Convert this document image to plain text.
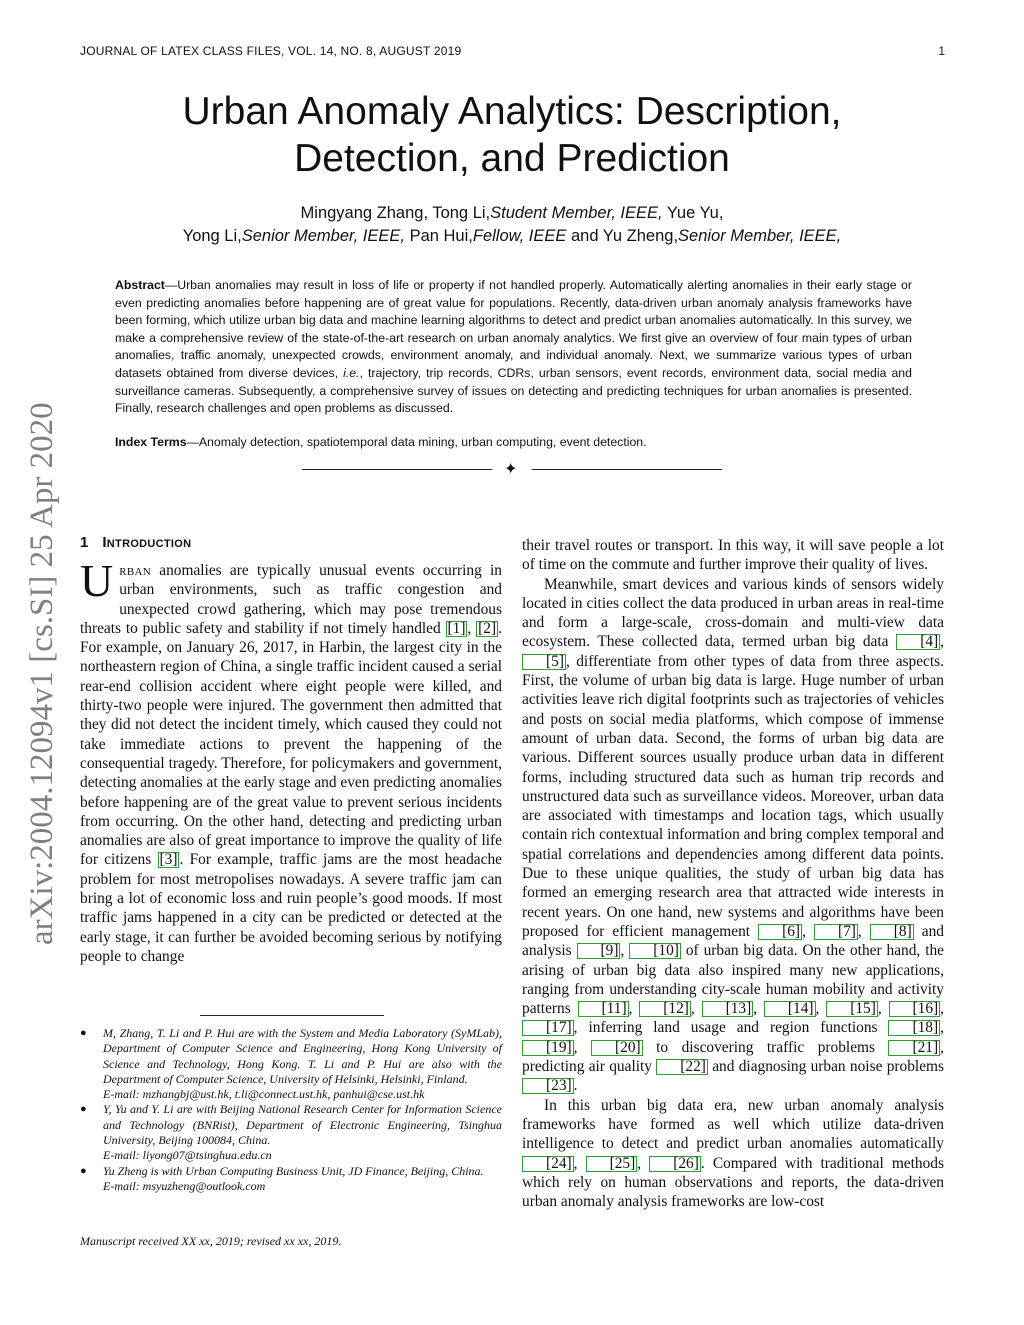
JOURNAL OF LATEX CLASS FILES, VOL. 14, NO. 8, AUGUST 2019	1
Urban Anomaly Analytics: Description,
Detection, and Prediction
Mingyang Zhang, Tong Li,Student Member, IEEE, Yue Yu,
Yong Li,Senior Member, IEEE, Pan Hui,Fellow, IEEE and Yu Zheng,Senior Member, IEEE,
Abstract—Urban anomalies may result in loss of life or property if not handled properly. Automatically alerting anomalies in their early stage or even predicting anomalies before happening are of great value for populations. Recently, data-driven urban anomaly analysis frameworks have been forming, which utilize urban big data and machine learning algorithms to detect and predict urban anomalies automatically. In this survey, we make a comprehensive review of the state-of-the-art research on urban anomaly analytics. We first give an overview of four main types of urban anomalies, traffic anomaly, unexpected crowds, environment anomaly, and individual anomaly. Next, we summarize various types of urban datasets obtained from diverse devices, i.e., trajectory, trip records, CDRs, urban sensors, event records, environment data, social media and surveillance cameras. Subsequently, a comprehensive survey of issues on detecting and predicting techniques for urban anomalies is presented. Finally, research challenges and open problems as discussed.
Index Terms—Anomaly detection, spatiotemporal data mining, urban computing, event detection.
✦
arXiv:2004.12094v1 [cs.SI] 25 Apr 2020 1 Introduction

Urban anomalies are typically unusual events occurring in urban environments, such as traffic congestion and unexpected crowd gathering, which may pose tremendous threats to public safety and stability if not timely handled [1] , [2] . For example, on January 26, 2017, in Harbin, the largest city in the northeastern region of China, a single traffic incident caused a serial rear-end collision accident where eight people were killed, and thirty-two people were injured. The government then admitted that they did not detect the incident timely, which caused they could not take immediate actions to prevent the happening of the consequential tragedy. Therefore, for policymakers and government, detecting anomalies at the early stage and even predicting anomalies before happening are of the great value to prevent serious incidents from occurring. On the other hand, detecting and predicting urban anomalies are also of great importance to improve the quality of life for citizens [3] . For example, traffic jams are the most headache problem for most metropolises nowadays. A severe traffic jam can bring a lot of economic loss and ruin people’s good moods. If most traffic jams happened in a city can be predicted or detected at the early stage, it can further be avoided becoming serious by notifying people to change

● M, Zhang, T. Li and P. Hui are with the System and Media Laboratory (SyMLab), Department of Computer Science and Engineering, Hong Kong University of Science and Technology, Hong Kong. T. Li and P. Hui are also with the Department of Computer Science, University of Helsinki, Helsinki, Finland.

E-mail: mzhangbj@ust.hk, t.li@connect.ust.hk, panhui@cse.ust.hk

● Y, Yu and Y. Li are with Beijing National Research Center for Information Science and Technology (BNRist), Department of Electronic Engineering, Tsinghua University, Beijing 100084, China.

E-mail: liyong07@tsinghua.edu.cn

● Yu Zheng is with Urban Computing Business Unit, JD Finance, Beijing, China.

E-mail: msyuzheng@outlook.com

Manuscript received XX xx, 2019; revised xx xx, 2019.

their travel routes or transport. In this way, it will save people a lot of time on the commute and further improve their quality of lives.

Meanwhile, smart devices and various kinds of sensors widely located in cities collect the data produced in urban areas in real-time and form a large-scale, cross-domain and multi-view data ecosystem. These collected data, termed urban big data [4] , [5] , differentiate from other types of data from three aspects. First, the volume of urban big data is large. Huge number of urban activities leave rich digital footprints such as trajectories of vehicles and posts on social media platforms, which compose of immense amount of urban data. Second, the forms of urban big data are various. Different sources usually produce urban data in different forms, including structured data such as human trip records and unstructured data such as surveillance videos. Moreover, urban data are associated with timestamps and location tags, which usually contain rich contextual information and bring complex temporal and spatial correlations and dependencies among different data points. Due to these unique qualities, the study of urban big data has formed an emerging research area that attracted wide interests in recent years. On one hand, new systems and algorithms have been proposed for efficient management [6] , [7] , [8] and analysis [9] , [10] of urban big data. On the other hand, the arising of urban big data also inspired many new applications, ranging from understanding city-scale human mobility and activity patterns [11] , [12] , [13] , [14] , [15] , [16] , [17] , inferring land usage and region functions [18] , [19] , [20] to discovering traffic problems [21] , predicting air quality [22] and diagnosing urban noise problems [23] .

In this urban big data era, new urban anomaly analysis frameworks have formed as well which utilize data-driven intelligence to detect and predict urban anomalies automatically [24] , [25] , [26] . Compared with traditional methods which rely on human observations and reports, the data-driven urban anomaly analysis frameworks are low-cost
